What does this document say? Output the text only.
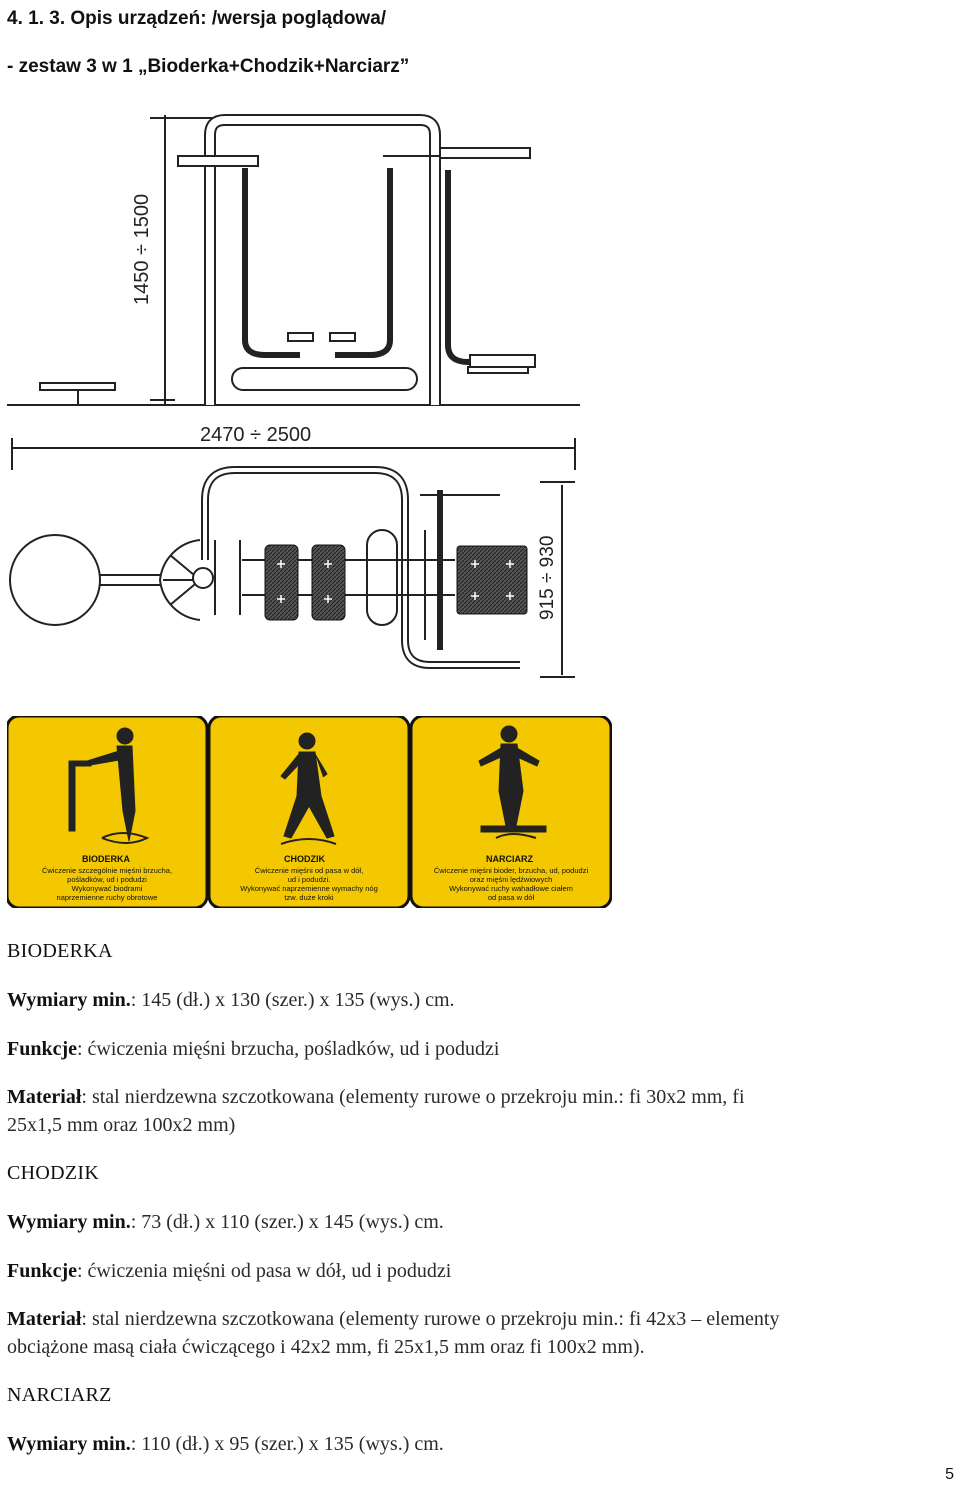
4. 1. 3. Opis urządzeń: /wersja poglądowa/
- zestaw 3 w 1 „Bioderka+Chodzik+Narciarz”
1450 ÷ 1500
2470 ÷ 2500
915 ÷ 930
BIODERKA
Ćwiczenie szczególnie mięśni brzucha,
pośladków, ud i podudzi
Wykonywać biodrami
naprzemienne ruchy obrotowe
CHODZIK
Ćwiczenie mięśni od pasa w dół,
ud i podudzi.
Wykonywać naprzemienne wymachy nóg
tzw. duże kroki
NARCIARZ
Ćwiczenie mięśni bioder, brzucha, ud, podudzi
oraz mięśni lędźwiowych
Wykonywać ruchy wahadłowe ciałem
od pasa w dół
BIODERKA
Wymiary min.: 145 (dł.) x 130 (szer.) x 135 (wys.) cm.
Funkcje: ćwiczenia mięśni brzucha, pośladków, ud i podudzi
Materiał: stal nierdzewna szczotkowana (elementy rurowe o przekroju min.: fi 30x2 mm, fi
25x1,5 mm oraz 100x2 mm)
CHODZIK
Wymiary min.: 73 (dł.) x 110 (szer.) x 145 (wys.) cm.
Funkcje: ćwiczenia mięśni od pasa w dół, ud i podudzi
Materiał: stal nierdzewna szczotkowana (elementy rurowe o przekroju min.: fi 42x3 – elementy
obciążone masą ciała ćwiczącego i 42x2 mm, fi 25x1,5 mm oraz fi 100x2 mm).
NARCIARZ
Wymiary min.: 110 (dł.) x 95 (szer.) x 135 (wys.) cm.
5
